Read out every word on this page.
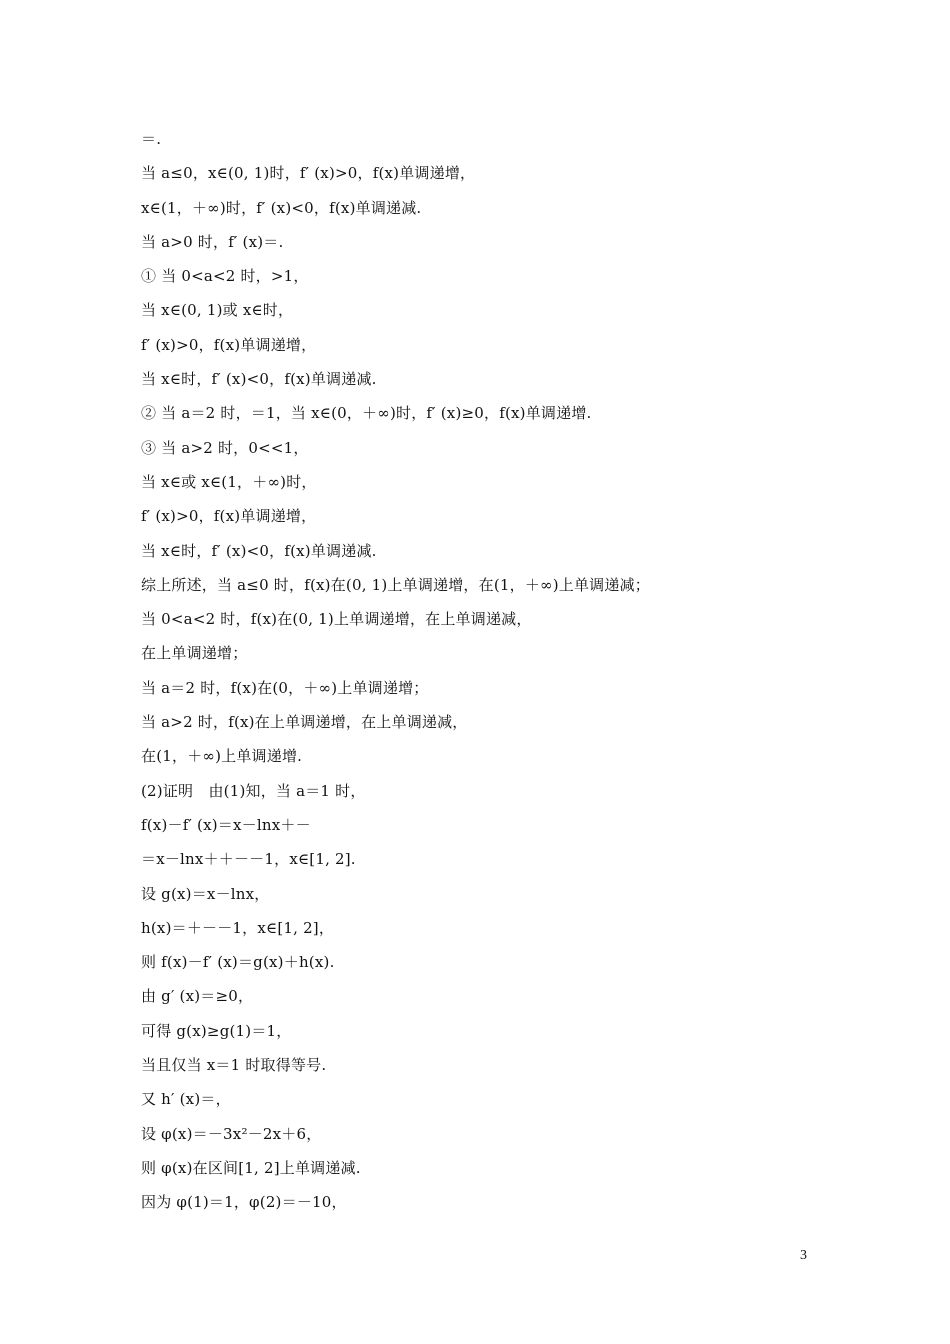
＝.
当 a≤0，x∈(0, 1)时，f′ (x)>0，f(x)单调递增，
x∈(1，＋∞)时，f′ (x)<0，f(x)单调递减.
当 a>0 时，f′ (x)＝.
① 当 0<a<2 时，>1，
当 x∈(0, 1)或 x∈时，
f′ (x)>0，f(x)单调递增，
当 x∈时，f′ (x)<0，f(x)单调递减.
② 当 a＝2 时，＝1，当 x∈(0，＋∞)时，f′ (x)≥0，f(x)单调递增.
③ 当 a>2 时，0<<1，
当 x∈或 x∈(1，＋∞)时，
f′ (x)>0，f(x)单调递增，
当 x∈时，f′ (x)<0，f(x)单调递减.
综上所述，当 a≤0 时，f(x)在(0, 1)上单调递增，在(1，＋∞)上单调递减；
当 0<a<2 时，f(x)在(0, 1)上单调递增，在上单调递减，
在上单调递增；
当 a＝2 时，f(x)在(0，＋∞)上单调递增；
当 a>2 时，f(x)在上单调递增，在上单调递减，
在(1，＋∞)上单调递增.
(2)证明　由(1)知，当 a＝1 时，
f(x)－f′ (x)＝x－lnx＋－
＝x－lnx＋＋－－1，x∈[1, 2].
设 g(x)＝x－lnx，
h(x)＝＋－－1，x∈[1, 2]，
则 f(x)－f′ (x)＝g(x)＋h(x).
由 g′ (x)＝≥0，
可得 g(x)≥g(1)＝1，
当且仅当 x＝1 时取得等号.
又 h′ (x)＝，
设 φ(x)＝－3x²－2x＋6，
则 φ(x)在区间[1, 2]上单调递减.
因为 φ(1)＝1，φ(2)＝－10，
3
